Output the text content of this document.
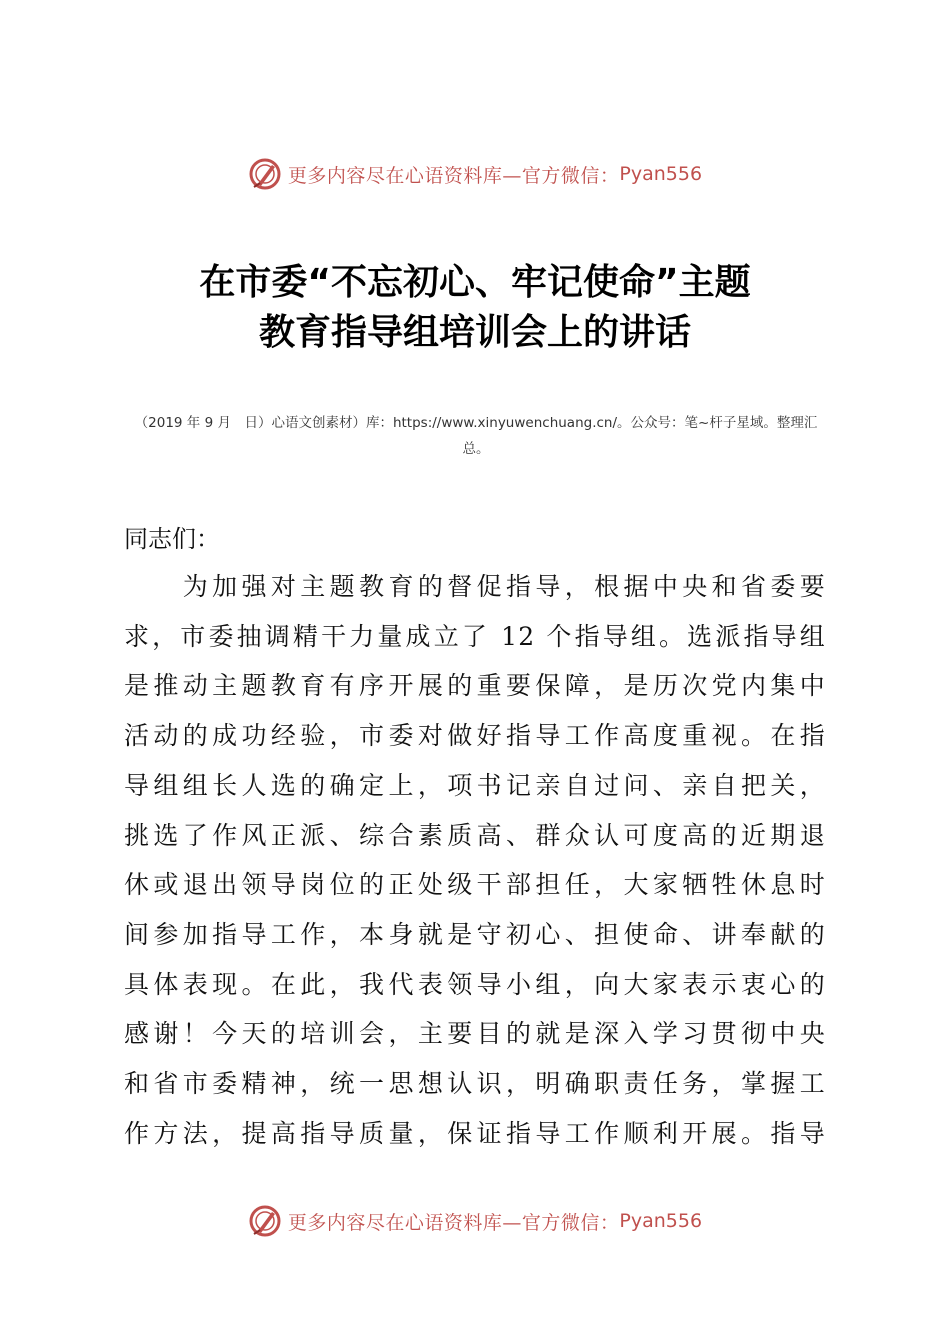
更多内容尽在心语资料库—官方微信： Pyan556
在市委“不忘初心、牢记使命”主题
教育指导组培训会上的讲话

（2019 年 9 月　日）心语文创素材）库：https://www.xinyuwenchuang.cn/。公众号：笔~杆子星域。整理汇总。

同志们：

　　为加强对主题教育的督促指导，根据中央和省委要
求，市委抽调精干力量成立了 12 个指导组。选派指导组
是推动主题教育有序开展的重要保障，是历次党内集中
活动的成功经验，市委对做好指导工作高度重视。在指
导组组长人选的确定上，项书记亲自过问、亲自把关，
挑选了作风正派、综合素质高、群众认可度高的近期退
休或退出领导岗位的正处级干部担任，大家牺牲休息时
间参加指导工作，本身就是守初心、担使命、讲奉献的
具体表现。在此，我代表领导小组，向大家表示衷心的
感谢！今天的培训会，主要目的就是深入学习贯彻中央
和省市委精神，统一思想认识，明确职责任务，掌握工
作方法，提高指导质量，保证指导工作顺利开展。指导
更多内容尽在心语资料库—官方微信： Pyan556
